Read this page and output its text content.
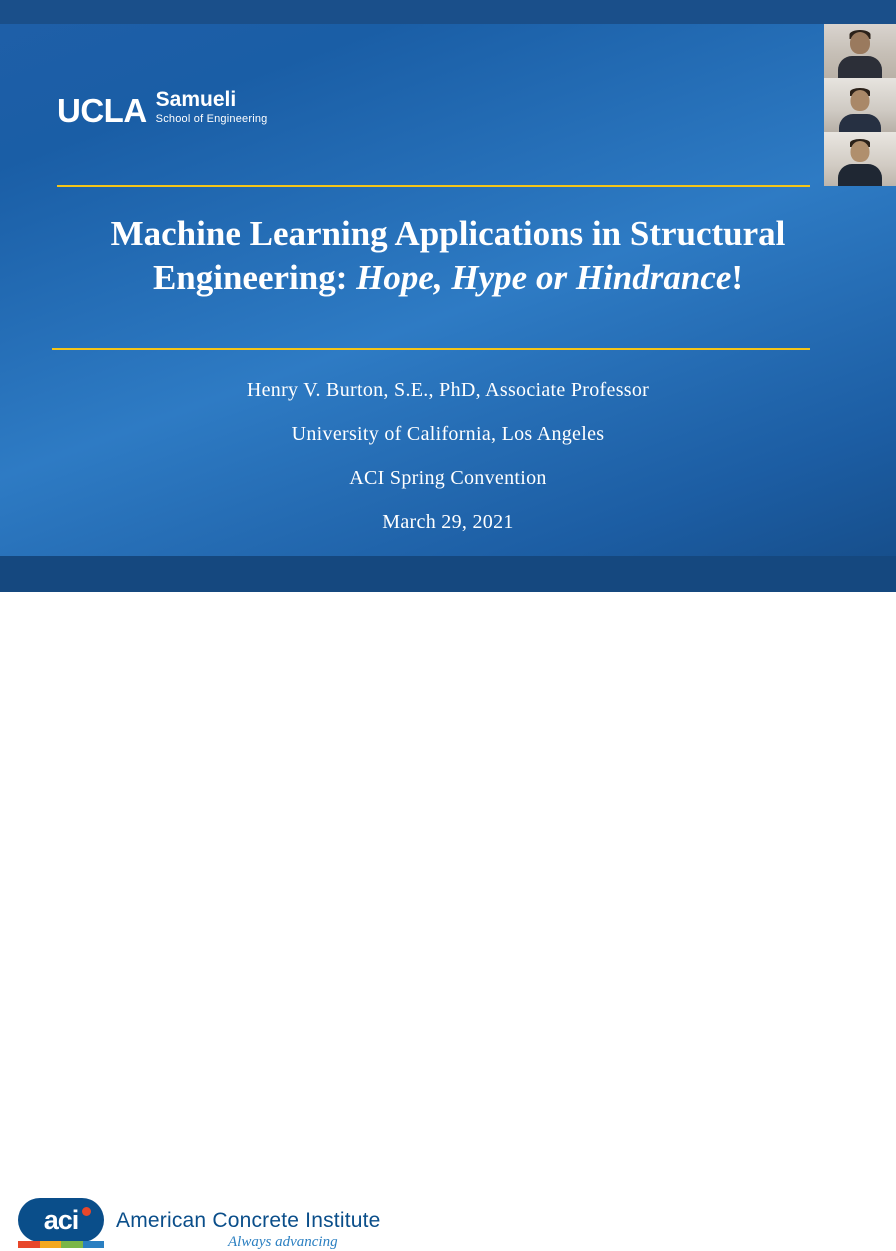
UCLA Samueli
School of Engineering
Machine Learning Applications in Structural
Engineering: Hope, Hype or Hindrance!
Henry V. Burton, S.E., PhD, Associate Professor
University of California, Los Angeles
ACI Spring Convention
March 29, 2021
aci	American Concrete Institute
Always advancing
